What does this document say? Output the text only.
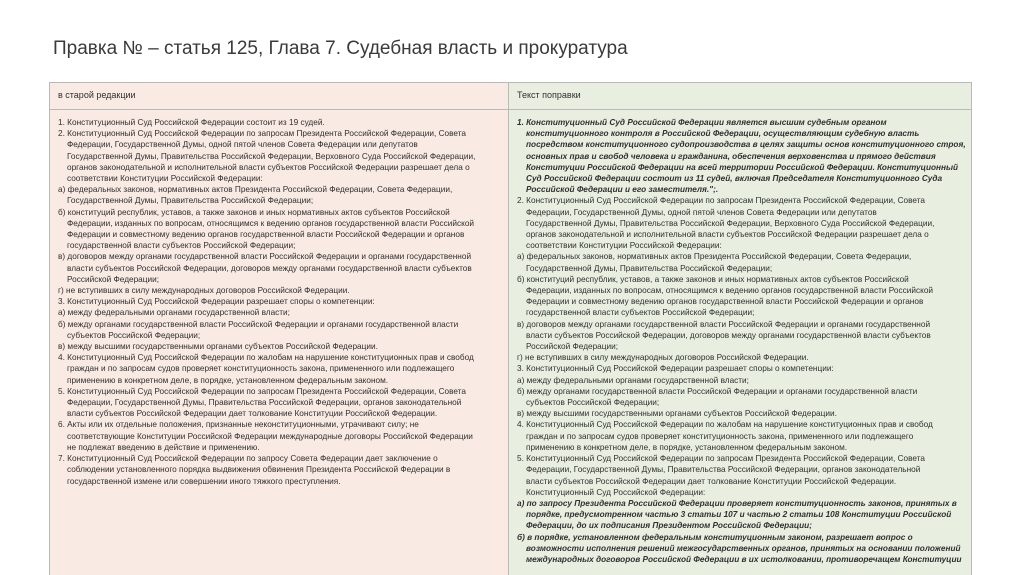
Правка № – статья 125, Глава 7. Судебная власть и прокуратура
в старой редакции	Текст поправки
1. Конституционный Суд Российской Федерации состоит из 19 судей.
2. Конституционный Суд Российской Федерации по запросам Президента Российской Федерации, Совета
Федерации, Государственной Думы, одной пятой членов Совета Федерации или депутатов
Государственной Думы, Правительства Российской Федерации, Верховного Суда Российской Федерации,
органов законодательной и исполнительной власти субъектов Российской Федерации разрешает дела о
соответствии Конституции Российской Федерации:
а) федеральных законов, нормативных актов Президента Российской Федерации, Совета Федерации,
Государственной Думы, Правительства Российской Федерации;
б) конституций республик, уставов, а также законов и иных нормативных актов субъектов Российской
Федерации, изданных по вопросам, относящимся к ведению органов государственной власти Российской
Федерации и совместному ведению органов государственной власти Российской Федерации и органов
государственной власти субъектов Российской Федерации;
в) договоров между органами государственной власти Российской Федерации и органами государственной
власти субъектов Российской Федерации, договоров между органами государственной власти субъектов
Российской Федерации;
г) не вступивших в силу международных договоров Российской Федерации.
3. Конституционный Суд Российской Федерации разрешает споры о компетенции:
а) между федеральными органами государственной власти;
б) между органами государственной власти Российской Федерации и органами государственной власти
субъектов Российской Федерации;
в) между высшими государственными органами субъектов Российской Федерации.
4. Конституционный Суд Российской Федерации по жалобам на нарушение конституционных прав и свобод
граждан и по запросам судов проверяет конституционность закона, примененного или подлежащего
применению в конкретном деле, в порядке, установленном федеральным законом.
5. Конституционный Суд Российской Федерации по запросам Президента Российской Федерации, Совета
Федерации, Государственной Думы, Правительства Российской Федерации, органов законодательной
власти субъектов Российской Федерации дает толкование Конституции Российской Федерации.
6. Акты или их отдельные положения, признанные неконституционными, утрачивают силу; не
соответствующие Конституции Российской Федерации международные договоры Российской Федерации
не подлежат введению в действие и применению.
7. Конституционный Суд Российской Федерации по запросу Совета Федерации дает заключение о
соблюдении установленного порядка выдвижения обвинения Президента Российской Федерации в
государственной измене или совершении иного тяжкого преступления.
1. Конституционный Суд Российской Федерации является высшим судебным органом
конституционного контроля в Российской Федерации, осуществляющим судебную власть
посредством конституционного судопроизводства в целях защиты основ конституционного строя,
основных прав и свобод человека и гражданина, обеспечения верховенства и прямого действия
Конституции Российской Федерации на всей территории Российской Федерации. Конституционный
Суд Российской Федерации состоит из 11 судей, включая Председателя Конституционного Суда
Российской Федерации и его заместителя.";.
2. Конституционный Суд Российской Федерации по запросам Президента Российской Федерации, Совета
Федерации, Государственной Думы, одной пятой членов Совета Федерации или депутатов
Государственной Думы, Правительства Российской Федерации, Верховного Суда Российской Федерации,
органов законодательной и исполнительной власти субъектов Российской Федерации разрешает дела о
соответствии Конституции Российской Федерации:
а) федеральных законов, нормативных актов Президента Российской Федерации, Совета Федерации,
Государственной Думы, Правительства Российской Федерации;
б) конституций республик, уставов, а также законов и иных нормативных актов субъектов Российской
Федерации, изданных по вопросам, относящимся к ведению органов государственной власти Российской
Федерации и совместному ведению органов государственной власти Российской Федерации и органов
государственной власти субъектов Российской Федерации;
в) договоров между органами государственной власти Российской Федерации и органами государственной
власти субъектов Российской Федерации, договоров между органами государственной власти субъектов
Российской Федерации;
г) не вступивших в силу международных договоров Российской Федерации.
3. Конституционный Суд Российской Федерации разрешает споры о компетенции:
а) между федеральными органами государственной власти;
б) между органами государственной власти Российской Федерации и органами государственной власти
субъектов Российской Федерации;
в) между высшими государственными органами субъектов Российской Федерации.
4. Конституционный Суд Российской Федерации по жалобам на нарушение конституционных прав и свобод
граждан и по запросам судов проверяет конституционность закона, примененного или подлежащего
применению в конкретном деле, в порядке, установленном федеральным законом.
5. Конституционный Суд Российской Федерации по запросам Президента Российской Федерации, Совета
Федерации, Государственной Думы, Правительства Российской Федерации, органов законодательной
власти субъектов Российской Федерации дает толкование Конституции Российской Федерации.
Конституционный Суд Российской Федерации:
а) по запросу Президента Российской Федерации проверяет конституционность законов, принятых в
порядке, предусмотренном частью 3 статьи 107 и частью 2 статьи 108 Конституции Российской
Федерации, до их подписания Президентом Российской Федерации;
б) в порядке, установленном федеральным конституционным законом, разрешает вопрос о
возможности исполнения решений межгосударственных органов, принятых на основании положений
международных договоров Российской Федерации в их истолковании, противоречащем Конституции
